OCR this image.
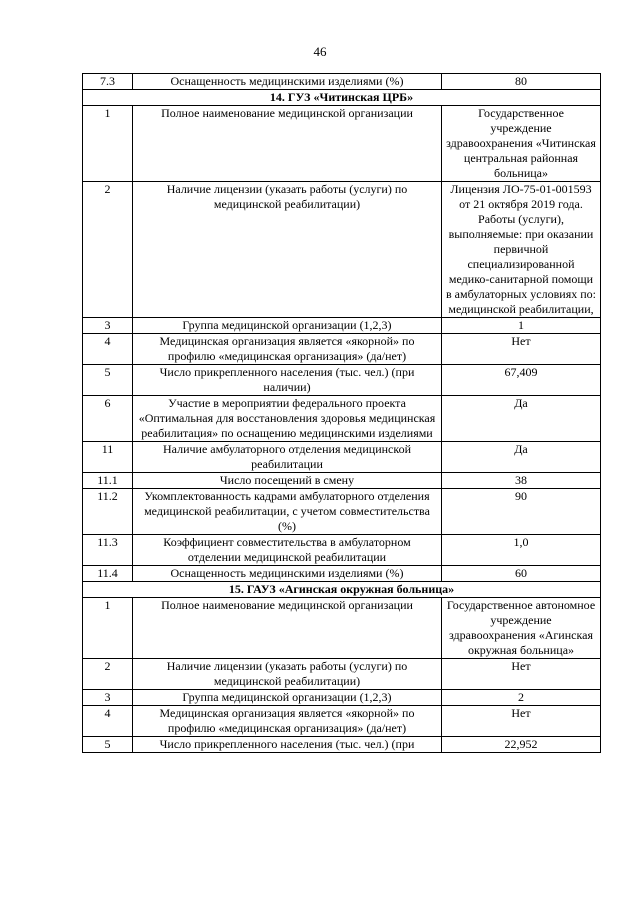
46
7.3	Оснащенность медицинскими изделиями (%)	80
14. ГУЗ «Читинская ЦРБ»		
1	Полное наименование медицинской организации	Государственное учреждение здравоохранения «Читинская центральная районная больница»
2	Наличие лицензии (указать работы (услуги) по медицинской реабилитации)	Лицензия ЛО-75-01-001593 от 21 октября 2019 года. Работы (услуги), выполняемые: при оказании первичной специализированной медико-санитарной помощи в амбулаторных условиях по: медицинской реабилитации,
3	Группа медицинской организации (1,2,3)	1
4	Медицинская организация является «якорной» по профилю «медицинская организация» (да/нет)	Нет
5	Число прикрепленного населения (тыс. чел.) (при наличии)	67,409
6	Участие в мероприятии федерального проекта «Оптимальная для восстановления здоровья медицинская реабилитация» по оснащению медицинскими изделиями	Да
11	Наличие амбулаторного отделения медицинской реабилитации	Да
11.1	Число посещений в смену	38
11.2	Укомплектованность кадрами амбулаторного отделения медицинской реабилитации, с учетом совместительства (%)	90
11.3	Коэффициент совместительства в амбулаторном отделении медицинской реабилитации	1,0
11.4	Оснащенность медицинскими изделиями (%)	60
15. ГАУЗ «Агинская окружная больница»		
1	Полное наименование медицинской организации	Государственное автономное учреждение здравоохранения «Агинская окружная больница»
2	Наличие лицензии (указать работы (услуги) по медицинской реабилитации)	Нет
3	Группа медицинской организации (1,2,3)	2
4	Медицинская организация является «якорной» по профилю «медицинская организация» (да/нет)	Нет
5	Число прикрепленного населения (тыс. чел.) (при	22,952
